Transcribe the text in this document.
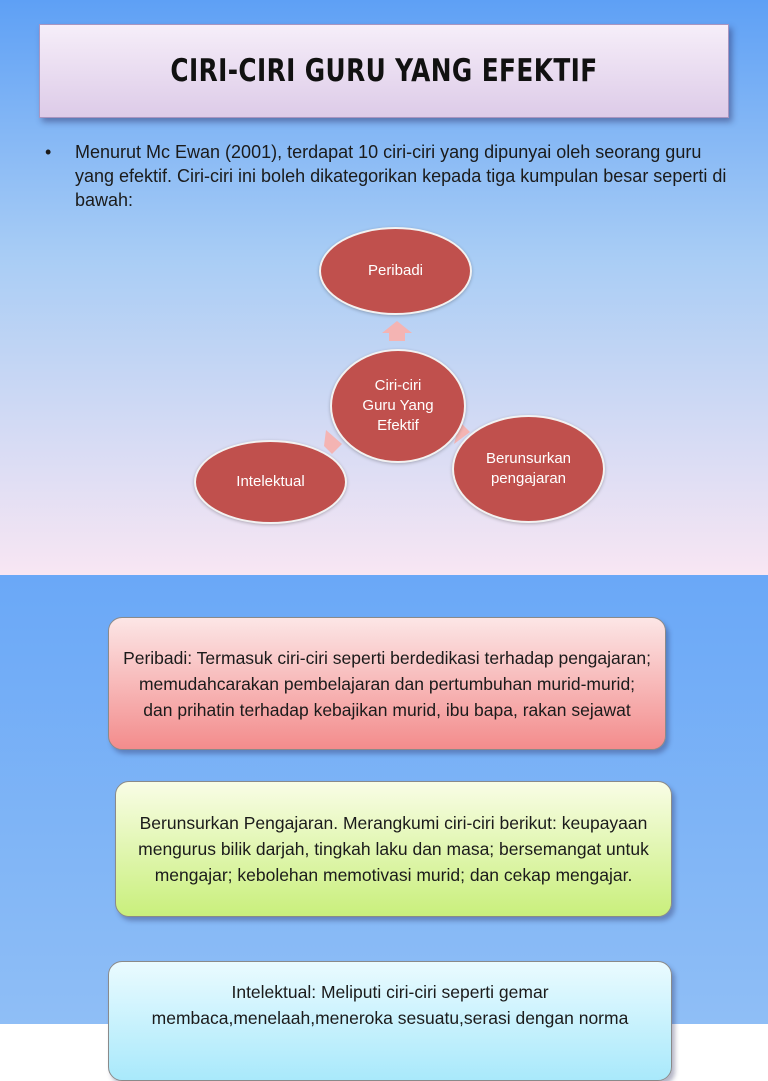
CIRI-CIRI GURU YANG EFEKTIF
• Menurut Mc Ewan (2001), terdapat 10 ciri-ciri yang dipunyai oleh seorang guru yang efektif. Ciri-ciri ini boleh dikategorikan kepada tiga kumpulan besar seperti di bawah:
Peribadi
Ciri-ciri
Guru Yang
Efektif
Berunsurkan
pengajaran
Intelektual
Peribadi: Termasuk ciri-ciri seperti berdedikasi terhadap pengajaran; memudahcarakan pembelajaran dan pertumbuhan murid-murid; dan prihatin terhadap kebajikan murid, ibu bapa, rakan sejawat
Berunsurkan Pengajaran. Merangkumi ciri-ciri berikut: keupayaan mengurus bilik darjah, tingkah laku dan masa; bersemangat untuk mengajar; kebolehan memotivasi murid; dan cekap mengajar.
Intelektual: Meliputi ciri-ciri seperti gemar membaca,menelaah,meneroka sesuatu,serasi dengan norma
